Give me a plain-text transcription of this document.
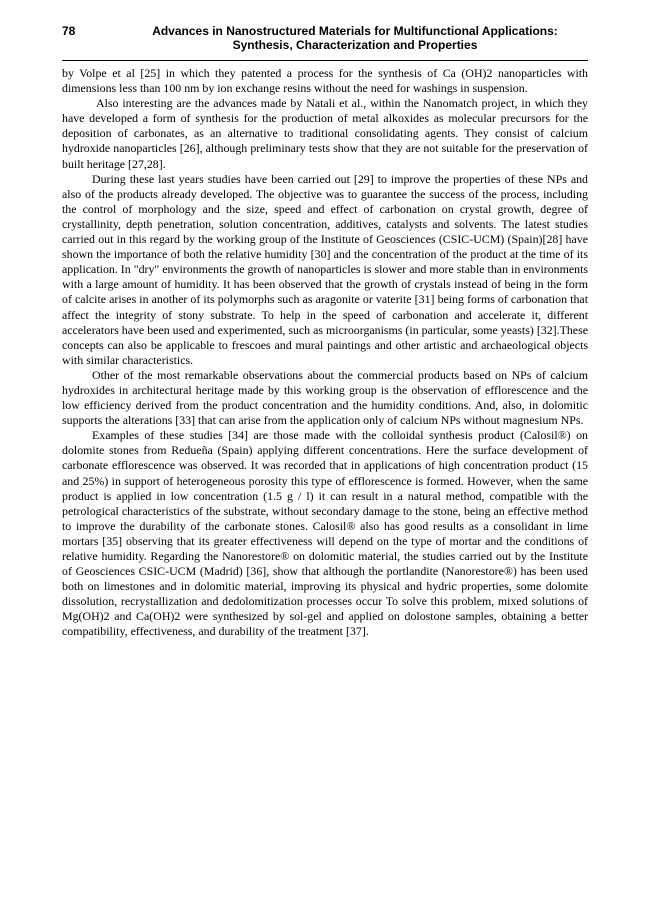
78	Advances in Nanostructured Materials for Multifunctional Applications:
Synthesis, Characterization and Properties

by Volpe et al [25] in which they patented a process for the synthesis of Ca (OH)2 nanoparticles with dimensions less than 100 nm by ion exchange resins without the need for washings in suspension.

Also interesting are the advances made by Natali et al., within the Nanomatch project, in which they have developed a form of synthesis for the production of metal alkoxides as molecular precursors for the deposition of carbonates, as an alternative to traditional consolidating agents. They consist of calcium hydroxide nanoparticles [26], although preliminary tests show that they are not suitable for the preservation of built heritage [27,28].

During these last years studies have been carried out [29] to improve the properties of these NPs and also of the products already developed. The objective was to guarantee the success of the process, including the control of morphology and the size, speed and effect of carbonation on crystal growth, degree of crystallinity, depth penetration, solution concentration, additives, catalysts and solvents. The latest studies carried out in this regard by the working group of the Institute of Geosciences (CSIC-UCM) (Spain)[28] have shown the importance of both the relative humidity [30] and the concentration of the product at the time of its application. In "dry" environments the growth of nanoparticles is slower and more stable than in environments with a large amount of humidity. It has been observed that the growth of crystals instead of being in the form of calcite arises in another of its polymorphs such as aragonite or vaterite [31] being forms of carbonation that affect the integrity of stony substrate. To help in the speed of carbonation and accelerate it, different accelerators have been used and experimented, such as microorganisms (in particular, some yeasts) [32].These concepts can also be applicable to frescoes and mural paintings and other artistic and archaeological objects with similar characteristics.

Other of the most remarkable observations about the commercial products based on NPs of calcium hydroxides in architectural heritage made by this working group is the observation of efflorescence and the low efficiency derived from the product concentration and the humidity conditions. And, also, in dolomitic supports the alterations [33] that can arise from the application only of calcium NPs without magnesium NPs.

Examples of these studies [34] are those made with the colloidal synthesis product (Calosil®) on dolomite stones from Redueña (Spain) applying different concentrations. Here the surface development of carbonate efflorescence was observed. It was recorded that in applications of high concentration product (15 and 25%) in support of heterogeneous porosity this type of efflorescence is formed. However, when the same product is applied in low concentration (1.5 g / l) it can result in a natural method, compatible with the petrological characteristics of the substrate, without secondary damage to the stone, being an effective method to improve the durability of the carbonate stones. Calosil® also has good results as a consolidant in lime mortars [35] observing that its greater effectiveness will depend on the type of mortar and the conditions of relative humidity. Regarding the Nanorestore® on dolomitic material, the studies carried out by the Institute of Geosciences CSIC-UCM (Madrid) [36], show that although the portlandite (Nanorestore®) has been used both on limestones and in dolomitic material, improving its physical and hydric properties, some dolomite dissolution, recrystallization and dedolomitization processes occur To solve this problem, mixed solutions of Mg(OH)2 and Ca(OH)2 were synthesized by sol-gel and applied on dolostone samples, obtaining a better compatibility, effectiveness, and durability of the treatment [37].
